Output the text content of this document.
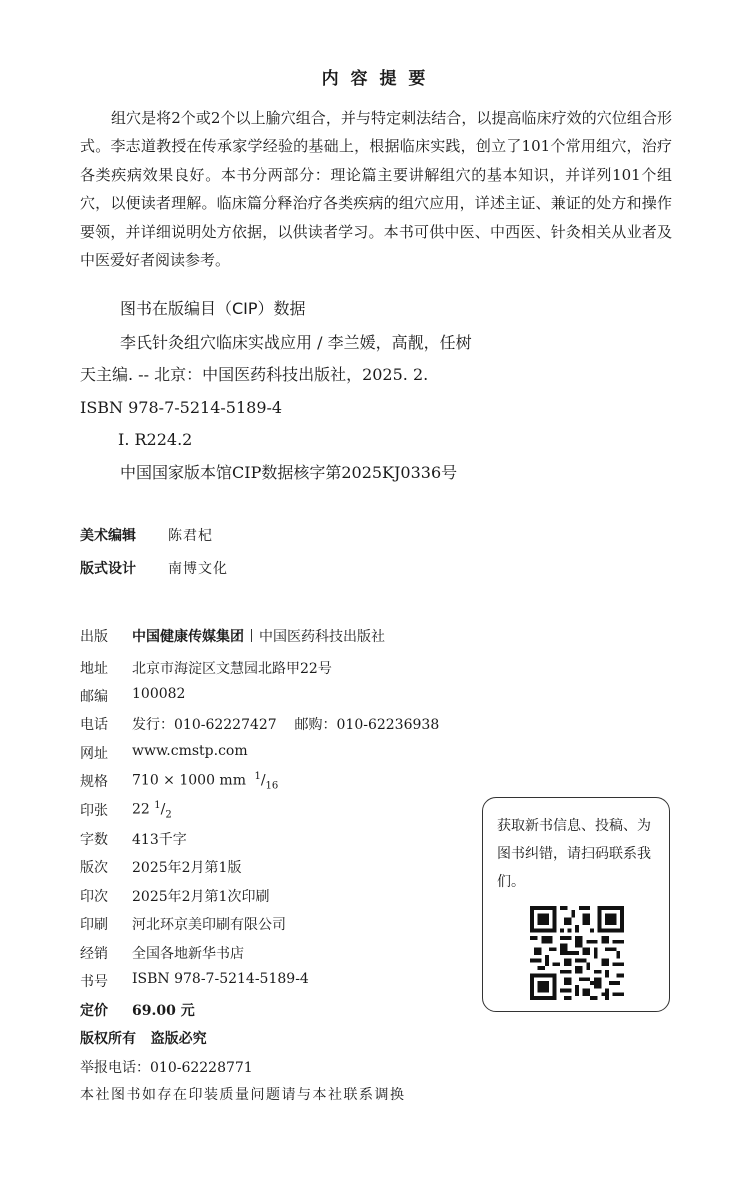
内 容 提 要

组穴是将2个或2个以上腧穴组合，并与特定刺法结合，以提高临床疗效的穴位组合形式。李志道教授在传承家学经验的基础上，根据临床实践，创立了101个常用组穴，治疗各类疾病效果良好。本书分两部分：理论篇主要讲解组穴的基本知识，并详列101个组穴，以便读者理解。临床篇分释治疗各类疾病的组穴应用，详述主证、兼证的处方和操作要领，并详细说明处方依据，以供读者学习。本书可供中医、中西医、针灸相关从业者及中医爱好者阅读参考。

图书在版编目（CIP）数据
李氏针灸组穴临床实战应用 / 李兰媛，高靓，任树
天主编. -- 北京：中国医药科技出版社，2025. 2.
ISBN 978-7-5214-5189-4
Ⅰ. R224.2
中国国家版本馆CIP数据核字第2025KJ0336号
美术编辑 陈君杞
版式设计 南博文化
出版 中国健康传媒集团 中国医药科技出版社
地址 北京市海淀区文慧园北路甲22号
邮编 100082
电话 发行：010-62227427    邮购：010-62236938
网址 www.cmstp.com
规格 710 × 1000 mm $^1/_{16}$
印张 22 $^1/_2$
字数 413千字
版次 2025年2月第1版
印次 2025年2月第1次印刷
印刷 河北环京美印刷有限公司
经销 全国各地新华书店
书号 ISBN 978-7-5214-5189-4
定价 69.00 元
版权所有 盗版必究
举报电话：010-62228771
本社图书如存在印装质量问题请与本社联系调换
获取新书信息、投稿、为图书纠错，请扫码联系我们。
